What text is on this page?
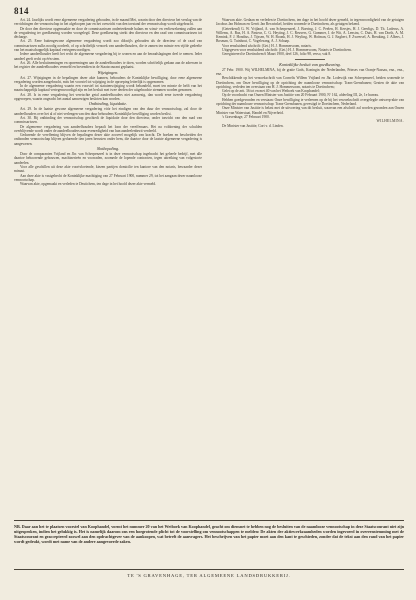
814

Art. 24. Jaarlijks wordt eene algemeene vergadering gehouden, in de maand Mei, waarin door den directeur het verslag van de verrichtingen der vennootschap in het afgeloopen jaar en het overzicht van den toestand der vennootschap wordt uitgebracht.

De door den directeur opgemaakte en door de commissarissen onderteekende balans en winst- en verliesrekening zullen aan de vergadering ter goedkeuring worden voorgelegd. Deze goedkeuring strekt den directeur en den raad van commissarissen tot décharge.

Art. 25. Eene buitengewone algemeene vergadering wordt zoo dikwijls gehouden als de directeur of de raad van commissarissen zulks noodig oordeelt, of op schriftelijk verzoek van aandeelhouders, die te zamen ten minste een vijfde gedeelte van het maatschappelijk kapitaal vertegenwoordigen.

Iedere aandeelhouder heeft het recht de algemeene vergadering bij te wonen en aan de beraadslagingen deel te nemen. Ieder aandeel geeft recht op één stem.

Art. 26. Alle besluitnemingen en opneemingen aan de aandeelhouders te doen, worden schriftelijk gedaan aan de adressen in het register der aandeelhouders vermeld en bovendien in de Staatscourant geplaatst.

Wijzigingen.

Art. 27. Wijzigingen in de bepalingen dezer akte kunnen, behoudens de Koninklijke bewilliging, door eene algemeene vergadering worden aangebracht, mits het voorstel tot wijziging in de oproeping letterlijk is opgenomen.

In de algemeene vergadering waarin een voorstel tot statutenwijziging wordt behandeld, moet ten minste de helft van het maatschappelijk kapitaal vertegenwoordigd zijn en het besluit met twee derden der uitgebrachte stemmen worden genomen.

Art. 28. Is in eene vergadering het vereischte getal aandeelhouders niet aanwezig, dan wordt eene tweede vergadering opgeroepen, waarin ongeacht het aantal aanwezigen besloten kan worden.

Ontbinding, liquidatie.

Art. 29. In de laatste gewone algemeene vergadering vóór het eindigen van den duur der vennootschap, zal door de aandeelhouders over het al of niet verlengen van den duur behoudens Koninklijke bewilliging worden beslist.

Art. 30. Bij ontbinding der vennootschap geschiedt de liquidatie door den directeur, onder toezicht van den raad van commissarissen.

De algemeene vergadering van aandeelhouders bepaalt het loon der vereffenaars. Het na voldoening der schulden overblijvende wordt onder de aandeelhouders naar evenredigheid van hun aandeelenbezit verdeeld.

Gedurende de vereffening blijven de bepalingen dezer akte zooveel mogelijk van kracht. De boeken en bescheiden der ontbonden vennootschap blijven gedurende tien jaren berusten onder hem, die daartoe door de laatste algemeene vergadering is aangewezen.

Slotbepaling.

Door de comparanten Vrijland en Jhr. van Scherpenzeel is in deze vennootschap ingebracht het geheele bedrijf, met alle daartoe behoorende gebouwen, machinerieën en voorraden, zoomede de lopende contracten, tegen uitreiking van volgestorte aandeelen.

Voor alle geschillen uit deze akte voortvloeiende, kiezen partijen domicilie ten kantore van den notaris, bewaarder dezer minuut.

Aan deze akte is vastgehecht de Koninklijke machtiging van 27 Februari 1900, nummer 29, tot het aangaan dezer naamlooze vennootschap.

Waarvan akte, opgemaakt en verleden te Deutichem, ten dage in het hoofd dezer akte vermeld.

Waarvan akte. Gedaan en verleden te Doetinchem, ten dage in het hoofd dezer gemeld, in tegenwoordigheid van de getuigen Jacobus Jan Holman en Gerrit Jan Rexwinkel, beiden wonende te Doetinchem, als getuigen bekend.

(Geteekend) G. W. Vrijland, A. van Scherpenzeel, J. Boering, J. C. Peelen, H. Kersjes, H. J. Geerligs, D. Th. Loderus, A. Willems, A. Baz, H. A. Pasteur, C. G. Heyting, J. C. Reuvers, G. Gommer, J. de Wit, A. Lenstra, C. Duis, H. van Dorth, A. M. Kemink, F. J. Hondius, J. Tijssen, W. H. Boonk, H. J. Weyling, W. Hofman, G. J. Engbert, F. Zweersel, A. Breuking, J. Albers, J. Bosman, G. Tuinhout, C. Vogelesang, A. J. Schaap.

Voor eensluidend afschrift: (Get.) H. J. Hommersoom, notaris.

Uitgegeven voor eensluidend afschrift: (Get.) H. J. Hommersoom, Notaris te Doetinchem.

Geregistreerd te Doetinchem 6 Maart 1900, deel 126, folio 98, verso, vak 8.

Koninklijke besluit van goedkeuring.

27 Febr. 1900. Wij WILHELMINA, bij de gratie Gods, Koningin der Nederlanden, Prinses van Oranje-Nassau, enz., enz., enz.

Beschikkende op het verzoekschrift van Cornelis Willem Vrijland en Jhr. Lodewijk van Scherpenzeel, beiden wonende te Doetinchem, om Onze bewilliging op de oprichting der naamlooze vennootschap: Trans-Grensbanen; Gezien de akte van oprichting, verleden ten overstaan van H. J. Hommersoom, notaris te Doetinchem;

Gelet op de artt. 36 tot en met 40 van het Wetboek van Koophandel;

Op de voordracht van Onzen Minister van Justitie van 20 Februari 1900, Nº 162, afdeeling III, 2e, 1e bureau.

Hebben goedgevonden en verstaan: Onze bewilliging te verleenen op de bij het verzoekschrift overgelegde ontwerp-akte van oprichting der naamlooze vennootschap: Trans-Grensbanen, gevestigd te Doetinchem, Nederland.

Onze Minister van Justitie is belast met de uitvoering van dit besluit, waarvan een afschrift zal worden gezonden aan Onzen Minister van Waterstaat, Handel en Nijverheid.

's Gravenhage, 27 Februari 1900.

WILHELMINA.

De Minister van Justitie, Cort v. d. Linden.

NB. Daar aan het te plaatsen voorstel van Koophandel, vormt het nummer 20 van het Wetboek van Koophandel, geacht om diensnet te hebben nog de besluiten van de naamlooze vennootschap in deze Staatscourant niet zijn uitgesproken, indien het gelukkig is. Het is namelijk daarom ons een hoegrotende plicht tot de voorstelling om vennootschappen te melden: De akten der aktiewerkzaamheden worden ingevoerd in overeenstemming met de Staatscourant en geaccepteerd zoowel aan den opdrachtgever van de aankoopen, wat betreft de aanvragers. Het beschrijven van het papier moet aan den kant te geschieden, zonder dat de tekst aan den rand van het papier wordt gedrukt, wordt met name van de andere aangevoerde zaken.
TE 'S GRAVENHAGE, TER ALGEMEENE LANDSDRUKKERIJ.
